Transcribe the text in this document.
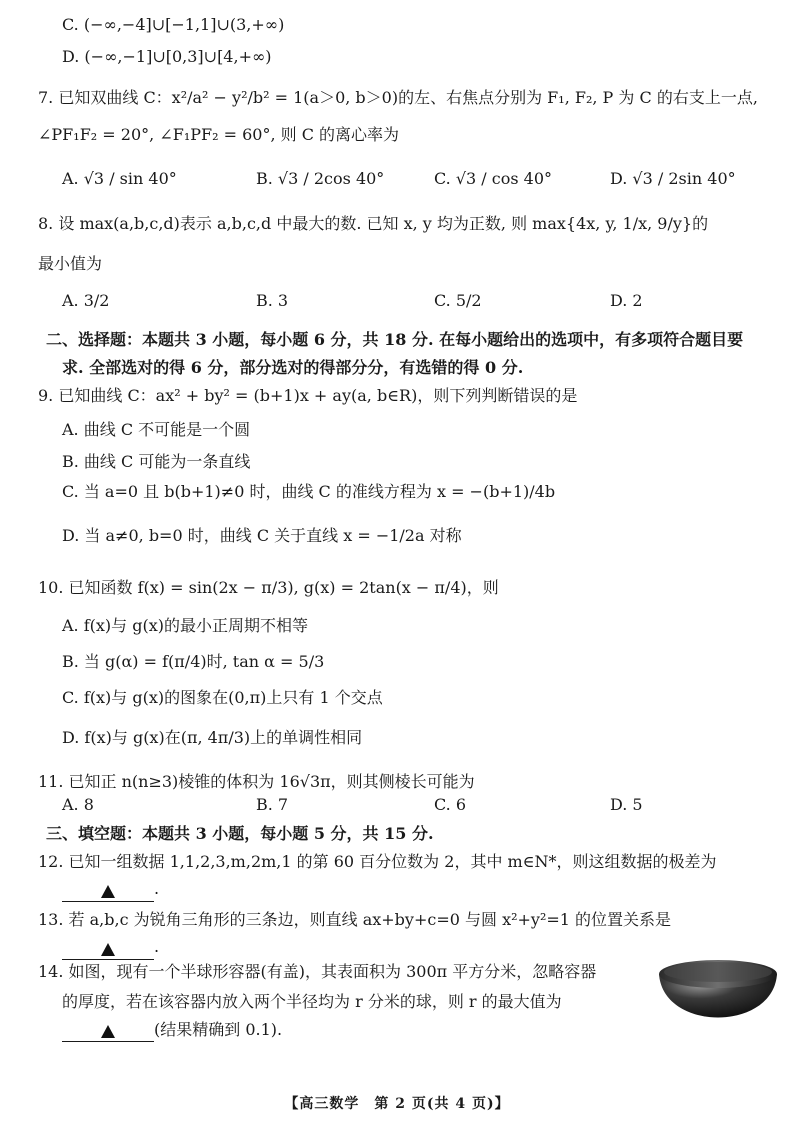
C. (−∞,−4]∪[−1,1]∪(3,+∞)
D. (−∞,−1]∪[0,3]∪[4,+∞)
7. 已知双曲线 C：x²/a² − y²/b² = 1(a＞0, b＞0)的左、右焦点分别为 F₁, F₂, P 为 C 的右支上一点,
∠PF₁F₂ = 20°, ∠F₁PF₂ = 60°, 则 C 的离心率为
A. √3 / sin 40°	B. √3 / 2cos 40°	C. √3 / cos 40°	D. √3 / 2sin 40°
8. 设 max(a,b,c,d)表示 a,b,c,d 中最大的数. 已知 x, y 均为正数, 则 max{4x, y, 1/x, 9/y}的
最小值为
A. 3/2	B. 3	C. 5/2	D. 2
二、选择题：本题共 3 小题，每小题 6 分，共 18 分. 在每小题给出的选项中，有多项符合题目要
求. 全部选对的得 6 分，部分选对的得部分分，有选错的得 0 分.
9. 已知曲线 C：ax² + by² = (b+1)x + ay(a, b∈R)，则下列判断错误的是
A. 曲线 C 不可能是一个圆
B. 曲线 C 可能为一条直线
C. 当 a=0 且 b(b+1)≠0 时，曲线 C 的准线方程为 x = −(b+1)/4b
D. 当 a≠0, b=0 时，曲线 C 关于直线 x = −1/2a 对称
10. 已知函数 f(x) = sin(2x − π/3), g(x) = 2tan(x − π/4)，则
A. f(x)与 g(x)的最小正周期不相等
B. 当 g(α) = f(π/4)时, tan α = 5/3
C. f(x)与 g(x)的图象在(0,π)上只有 1 个交点
D. f(x)与 g(x)在(π, 4π/3)上的单调性相同
11. 已知正 n(n≥3)棱锥的体积为 16√3π，则其侧棱长可能为
A. 8	B. 7	C. 6	D. 5
三、填空题：本题共 3 小题，每小题 5 分，共 15 分.
12. 已知一组数据 1,1,2,3,m,2m,1 的第 60 百分位数为 2，其中 m∈N*，则这组数据的极差为
.
13. 若 a,b,c 为锐角三角形的三条边，则直线 ax+by+c=0 与圆 x²+y²=1 的位置关系是
.
14. 如图，现有一个半球形容器(有盖)，其表面积为 300π 平方分米，忽略容器
的厚度，若在该容器内放入两个半径均为 r 分米的球，则 r 的最大值为
(结果精确到 0.1).
【高三数学　第 2 页(共 4 页)】
